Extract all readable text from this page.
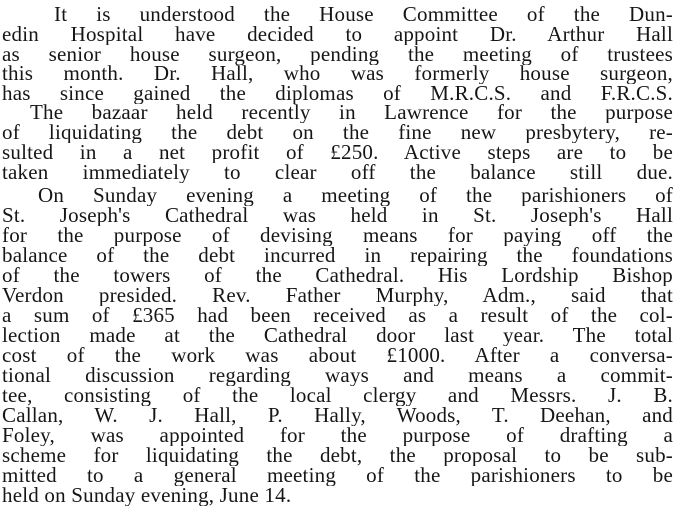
It is understood the House Committee of the Dun-
edin Hospital have decided to appoint Dr. Arthur Hall
as senior house surgeon, pending the meeting of trustees
this month. Dr. Hall, who was formerly house surgeon,
has since gained the diplomas of M.R.C.S. and F.R.C.S.
The bazaar held recently in Lawrence for the purpose
of liquidating the debt on the fine new presbytery, re-
sulted in a net profit of £250. Active steps are to be
taken immediately to clear off the balance still due.
On Sunday evening a meeting of the parishioners of
St. Joseph's Cathedral was held in St. Joseph's Hall
for the purpose of devising means for paying off the
balance of the debt incurred in repairing the foundations
of the towers of the Cathedral. His Lordship Bishop
Verdon presided. Rev. Father Murphy, Adm., said that
a sum of £365 had been received as a result of the col-
lection made at the Cathedral door last year. The total
cost of the work was about £1000. After a conversa-
tional discussion regarding ways and means a commit-
tee, consisting of the local clergy and Messrs. J. B.
Callan, W. J. Hall, P. Hally, Woods, T. Deehan, and
Foley, was appointed for the purpose of drafting a
scheme for liquidating the debt, the proposal to be sub-
mitted to a general meeting of the parishioners to be
held on Sunday evening, June 14.
